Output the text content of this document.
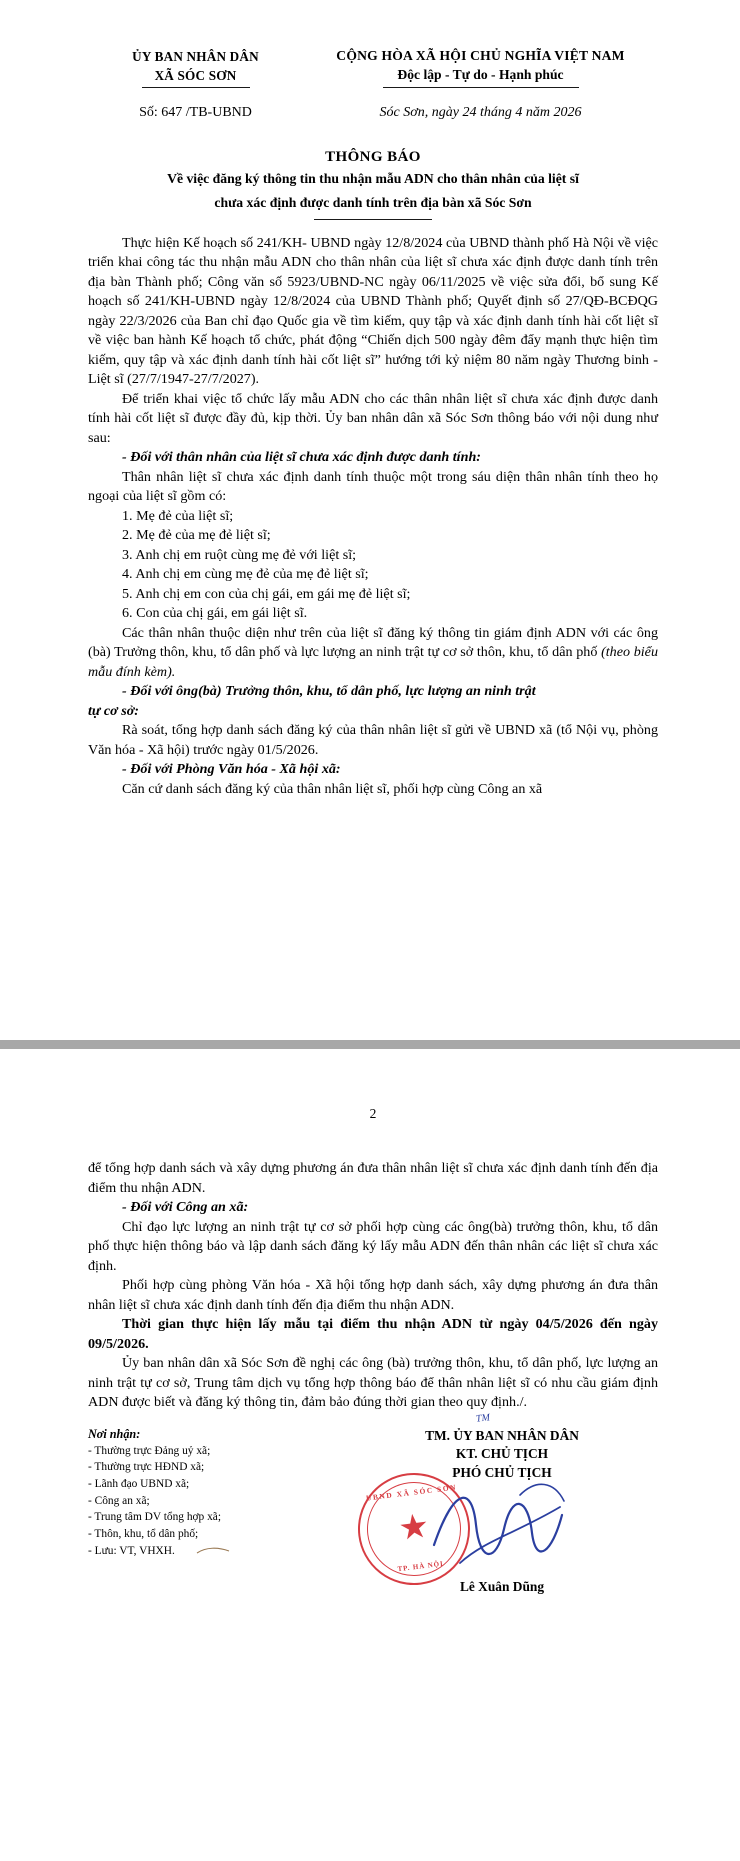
ỦY BAN NHÂN DÂN
XÃ SÓC SƠN
CỘNG HÒA XÃ HỘI CHỦ NGHĨA VIỆT NAM
Độc lập - Tự do - Hạnh phúc
Số: 647 /TB-UBND	Sóc Sơn, ngày 24 tháng 4 năm 2026
THÔNG BÁO
Về việc đăng ký thông tin thu nhận mẫu ADN cho thân nhân của liệt sĩ
chưa xác định được danh tính trên địa bàn xã Sóc Sơn

Thực hiện Kế hoạch số 241/KH- UBND ngày 12/8/2024 của UBND thành phố Hà Nội về việc triển khai công tác thu nhận mẫu ADN cho thân nhân của liệt sĩ chưa xác định được danh tính trên địa bàn Thành phố; Công văn số 5923/UBND-NC ngày 06/11/2025 về việc sửa đổi, bổ sung Kế hoạch số 241/KH-UBND ngày 12/8/2024 của UBND Thành phố; Quyết định số 27/QĐ-BCĐQG ngày 22/3/2026 của Ban chỉ đạo Quốc gia về tìm kiếm, quy tập và xác định danh tính hài cốt liệt sĩ về việc ban hành Kế hoạch tổ chức, phát động “Chiến dịch 500 ngày đêm đẩy mạnh thực hiện tìm kiếm, quy tập và xác định danh tính hài cốt liệt sĩ” hướng tới kỷ niệm 80 năm ngày Thương binh - Liệt sĩ (27/7/1947-27/7/2027).

Để triển khai việc tổ chức lấy mẫu ADN cho các thân nhân liệt sĩ chưa xác định được danh tính hài cốt liệt sĩ được đầy đủ, kịp thời. Ủy ban nhân dân xã Sóc Sơn thông báo với nội dung như sau:

- Đối với thân nhân của liệt sĩ chưa xác định được danh tính:

Thân nhân liệt sĩ chưa xác định danh tính thuộc một trong sáu diện thân nhân tính theo họ ngoại của liệt sĩ gồm có:

1. Mẹ đẻ của liệt sĩ;

2. Mẹ đẻ của mẹ đẻ liệt sĩ;

3. Anh chị em ruột cùng mẹ đẻ với liệt sĩ;

4. Anh chị em cùng mẹ đẻ của mẹ đẻ liệt sĩ;

5. Anh chị em con của chị gái, em gái mẹ đẻ liệt sĩ;

6. Con của chị gái, em gái liệt sĩ.

Các thân nhân thuộc diện như trên của liệt sĩ đăng ký thông tin giám định ADN với các ông (bà) Trưởng thôn, khu, tổ dân phố và lực lượng an ninh trật tự cơ sở thôn, khu, tổ dân phố (theo biểu mẫu đính kèm).

- Đối với ông(bà) Trưởng thôn, khu, tổ dân phố, lực lượng an ninh trật

tự cơ sở:

Rà soát, tổng hợp danh sách đăng ký của thân nhân liệt sĩ gửi về UBND xã (tổ Nội vụ, phòng Văn hóa - Xã hội) trước ngày 01/5/2026.

- Đối với Phòng Văn hóa - Xã hội xã:

Căn cứ danh sách đăng ký của thân nhân liệt sĩ, phối hợp cùng Công an xã

2

để tổng hợp danh sách và xây dựng phương án đưa thân nhân liệt sĩ chưa xác định danh tính đến địa điểm thu nhận ADN.

- Đối với Công an xã:

Chỉ đạo lực lượng an ninh trật tự cơ sở phối hợp cùng các ông(bà) trưởng thôn, khu, tổ dân phố thực hiện thông báo và lập danh sách đăng ký lấy mẫu ADN đến thân nhân các liệt sĩ chưa xác định.

Phối hợp cùng phòng Văn hóa - Xã hội tổng hợp danh sách, xây dựng phương án đưa thân nhân liệt sĩ chưa xác định danh tính đến địa điểm thu nhận ADN.

Thời gian thực hiện lấy mẫu tại điểm thu nhận ADN từ ngày 04/5/2026 đến ngày 09/5/2026.

Ủy ban nhân dân xã Sóc Sơn đề nghị các ông (bà) trưởng thôn, khu, tổ dân phố, lực lượng an ninh trật tự cơ sở, Trung tâm dịch vụ tổng hợp thông báo để thân nhân liệt sĩ có nhu cầu giám định ADN được biết và đăng ký thông tin, đảm bảo đúng thời gian theo quy định./.

Nơi nhận:
- Thường trực Đảng uỷ xã;
- Thường trực HĐND xã;
- Lãnh đạo UBND xã;
- Công an xã;
- Trung tâm DV tổng hợp xã;
- Thôn, khu, tổ dân phố;
- Lưu: VT, VHXH.
TM. ỦY BAN NHÂN DÂN
KT. CHỦ TỊCH
PHÓ CHỦ TỊCH
UBND XÃ SÓC SƠN
★
TP. HÀ NỘI
Lê Xuân Dũng
TM
